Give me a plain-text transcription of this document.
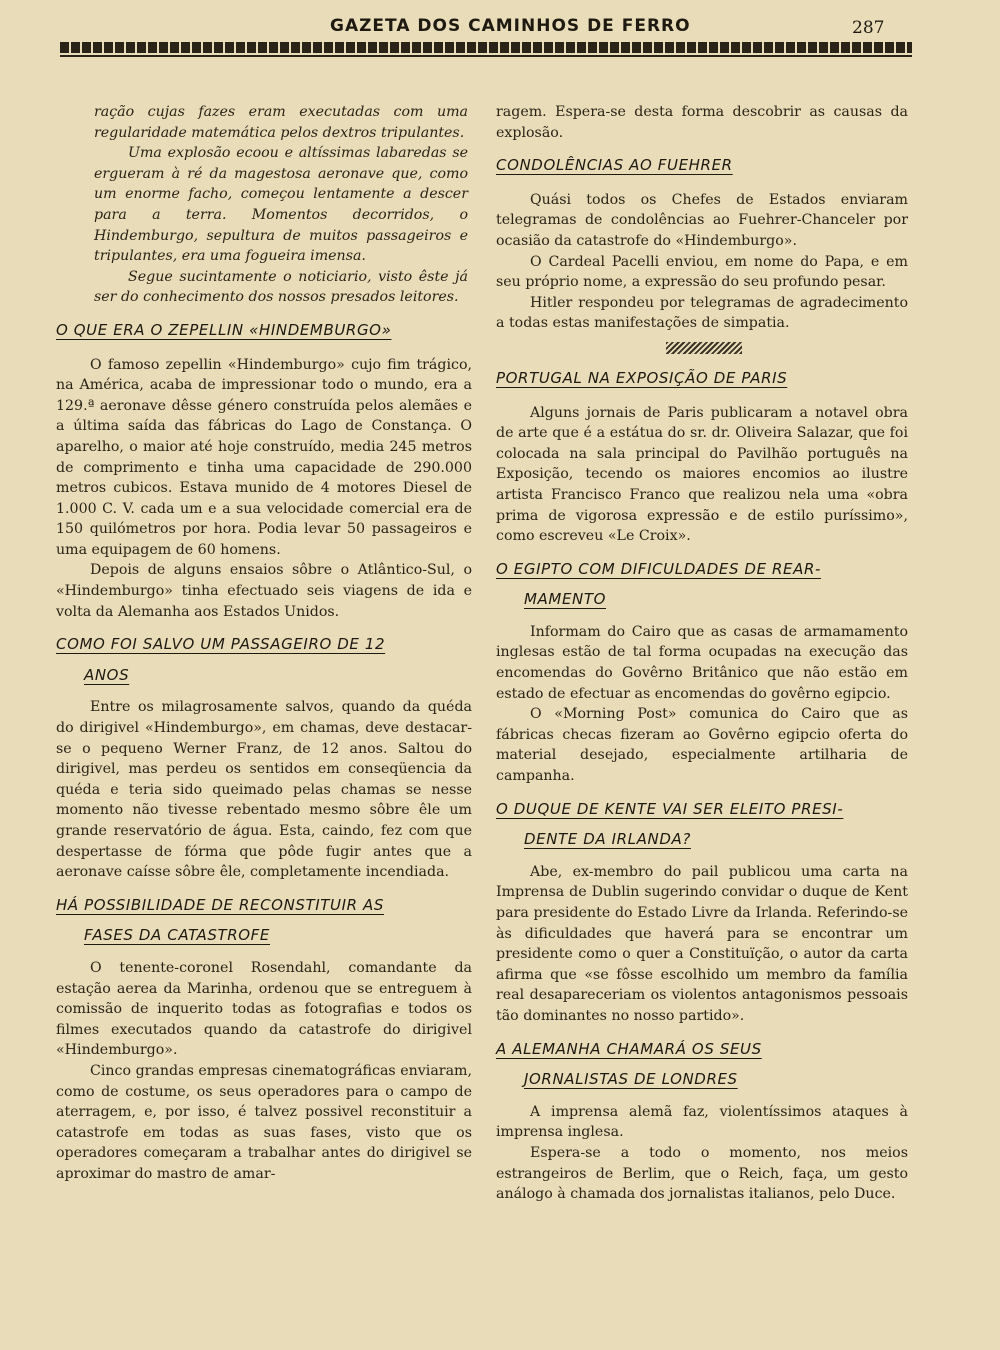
GAZETA DOS CAMINHOS DE FERRO	287

ração cujas fazes eram executadas com uma regularidade matemática pelos dextros tripulantes.

Uma explosão ecoou e altíssimas labaredas se ergueram à ré da magestosa aeronave que, como um enorme facho, começou lentamente a descer para a terra. Momentos decorridos, o Hindemburgo, sepultura de muitos passageiros e tripulantes, era uma fogueira imensa.

Segue sucintamente o noticiario, visto êste já ser do conhecimento dos nossos presados leitores.

O QUE ERA O ZEPELLIN «HINDEMBURGO»

O famoso zepellin «Hindemburgo» cujo fim trágico, na América, acaba de impressionar todo o mundo, era a 129.ª aeronave dêsse género construída pelos alemães e a última saída das fábricas do Lago de Constança. O aparelho, o maior até hoje construído, media 245 metros de comprimento e tinha uma capacidade de 290.000 metros cubicos. Estava munido de 4 motores Diesel de 1.000 C. V. cada um e a sua velocidade comercial era de 150 quilómetros por hora. Podia levar 50 passageiros e uma equipagem de 60 homens.

Depois de alguns ensaios sôbre o Atlântico-Sul, o «Hindemburgo» tinha efectuado seis viagens de ida e volta da Alemanha aos Estados Unidos.

COMO FOI SALVO UM PASSAGEIRO DE 12
ANOS

Entre os milagrosamente salvos, quando da quéda do dirigivel «Hindemburgo», em chamas, deve destacar-se o pequeno Werner Franz, de 12 anos. Saltou do dirigivel, mas perdeu os sentidos em conseqüencia da quéda e teria sido queimado pelas chamas se nesse momento não tivesse rebentado mesmo sôbre êle um grande reservatório de água. Esta, caindo, fez com que despertasse de fórma que pôde fugir antes que a aeronave caísse sôbre êle, completamente incendiada.

HÁ POSSIBILIDADE DE RECONSTITUIR AS
FASES DA CATASTROFE

O tenente-coronel Rosendahl, comandante da estação aerea da Marinha, ordenou que se entreguem à comissão de inquerito todas as fotografias e todos os filmes executados quando da catastrofe do dirigivel «Hindemburgo».

Cinco grandas empresas cinematográficas enviaram, como de costume, os seus operadores para o campo de aterragem, e, por isso, é talvez possivel reconstituir a catastrofe em todas as suas fases, visto que os operadores começaram a trabalhar antes do dirigivel se aproximar do mastro de amar-

ragem. Espera-se desta forma descobrir as causas da explosão.

CONDOLÊNCIAS AO FUEHRER

Quási todos os Chefes de Estados enviaram telegramas de condolências ao Fuehrer-Chanceler por ocasião da catastrofe do «Hindemburgo».

O Cardeal Pacelli enviou, em nome do Papa, e em seu próprio nome, a expressão do seu profundo pesar.

Hitler respondeu por telegramas de agradecimento a todas estas manifestações de simpatia.

PORTUGAL NA EXPOSIÇÃO DE PARIS

Alguns jornais de Paris publicaram a notavel obra de arte que é a estátua do sr. dr. Oliveira Salazar, que foi colocada na sala principal do Pavilhão português na Exposição, tecendo os maiores encomios ao ilustre artista Francisco Franco que realizou nela uma «obra prima de vigorosa expressão e de estilo puríssimo», como escreveu «Le Croix».

O EGIPTO COM DIFICULDADES DE REAR-
MAMENTO

Informam do Cairo que as casas de armamamento inglesas estão de tal forma ocupadas na execução das encomendas do Govêrno Britânico que não estão em estado de efectuar as encomendas do govêrno egipcio.

O «Morning Post» comunica do Cairo que as fábricas checas fizeram ao Govêrno egipcio oferta do material desejado, especialmente artilharia de campanha.

O DUQUE DE KENTE VAI SER ELEITO PRESI-
DENTE DA IRLANDA?

Abe, ex-membro do pail publicou uma carta na Imprensa de Dublin sugerindo convidar o duque de Kent para presidente do Estado Livre da Irlanda. Referindo-se às dificuldades que haverá para se encontrar um presidente como o quer a Constituïção, o autor da carta afirma que «se fôsse escolhido um membro da família real desapareceriam os violentos antagonismos pessoais tão dominantes no nosso partido».

A ALEMANHA CHAMARÁ OS SEUS
JORNALISTAS DE LONDRES

A imprensa alemã faz, violentíssimos ataques à imprensa inglesa.

Espera-se a todo o momento, nos meios estrangeiros de Berlim, que o Reich, faça, um gesto análogo à chamada dos jornalistas italianos, pelo Duce.
